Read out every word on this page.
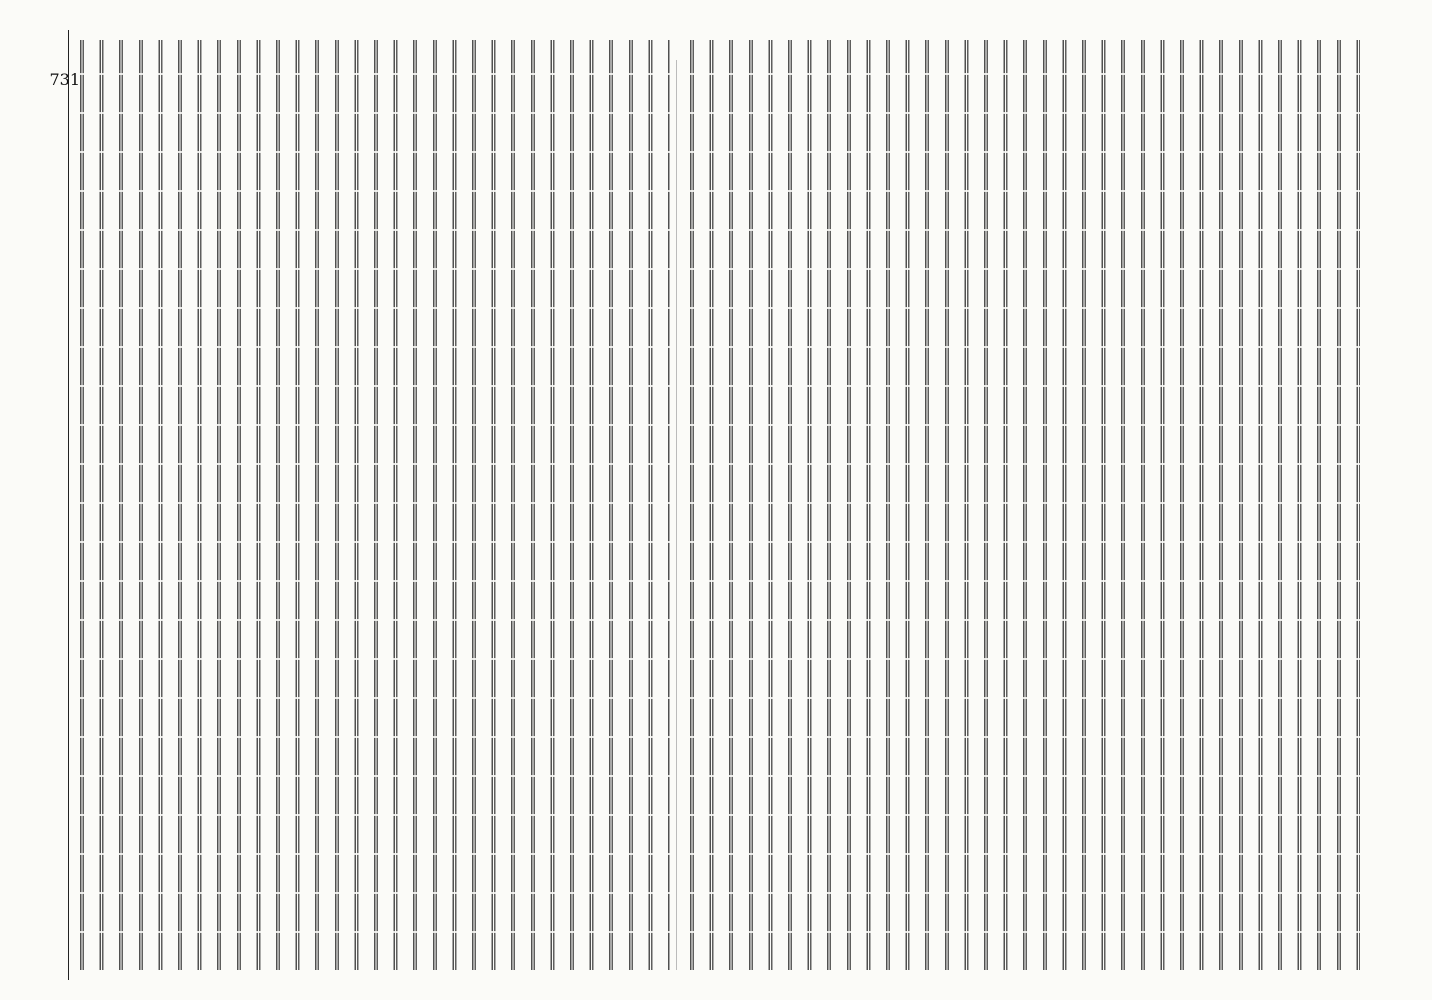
731
